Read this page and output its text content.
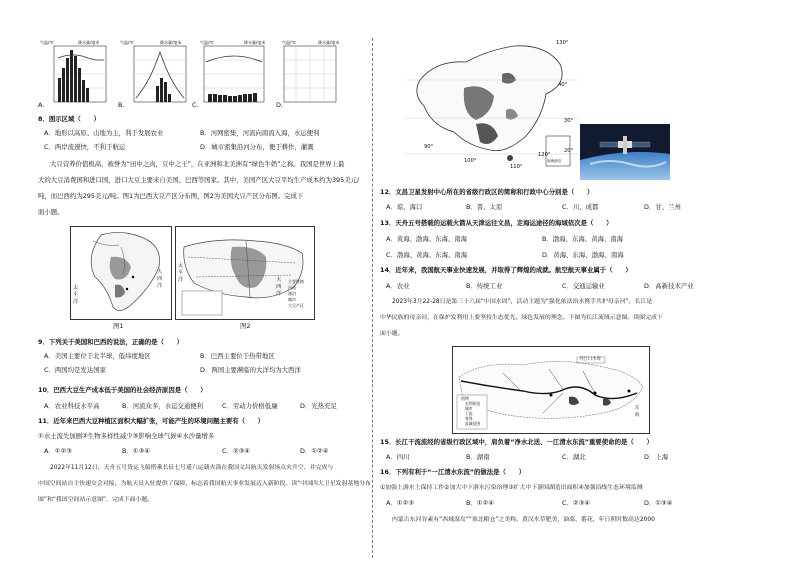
气温/℃	降水量/毫米	气温/℃	降水量/毫米	气温/℃	降水量/毫米	气温/℃	降水量/毫米
A.	B.	C.	D.
8．图示区域（　　）
A．地形以高原、山地为主，利于发展农业	B．河网密集，河流向南流入海，水运便利
C．两岸流速快，不利于航运	D．城市密集沿河分布，便于耕作，灌溉
大豆营养价值极高，被誉为“田中之肉，豆中之王”，在亚洲和北美洲有“绿色牛奶”之称。我国是世界上最
大的大豆消费国和进口国，进口大豆主要来自美国、巴西等国家。其中，美国产区大豆平均生产成本约为395美元/
吨，而巴西约为295美元/吨。图1为巴西大豆产区分布图，图2为美国大豆产区分布图。完成下
面小题。
太平洋
大西洋
图1
太平洋	大西洋
主要铁路
河流
湖泊
城市
大豆产区
图2
9．下列关于美国和巴西的说法，正确的是（　　）
A．美国主要位于北半球，低纬度地区	B．巴西主要位于热带地区
C．两国均是发达国家	D．两国主要濒临的大洋均为大西洋
10．巴西大豆生产成本低于美国的社会经济原因是（　　）
A．农业科技水平高	B．河流众多，水运交通便利	C．劳动力价格低廉	D．光热充足
11．近年来巴西大豆种植区面积大幅扩张，可能产生的环境问题主要有（　　）
①水土流失加剧②生物多样性减少③影响全球气候④水沙量增多
A．①②③	B．①③④	C．②③④	D．①②④
2022年11月12日，天舟五号货运飞船搭乘长征七号遥六运载火箭在我国文昌航天发射场点火升空，并完成与
中国空间站自主快速交会对接，为航天员入驻提供了保障，标志着我国航天事业发展迈入新阶段。读“中国四大卫星发射基地分布
图”和“我国空间站示意图”，完成下面小题。
40°
30°
20°
90°
100°
110°
120°
130°
南海诸岛
12．文昌卫星发射中心所在的省级行政区的简称和行政中心分别是（　　）
A．琼、海口	B．晋、太原	C．川、成都	D．甘、兰州
13．天舟五号搭载的运载火箭从天津运往文昌，走海运途径的海域依次是（　　）
A．黄海、渤海、东海、南海	B．渤海、东海、黄海、南海
C．渤海、黄海、东海、南海	D．黄海、东海、渤海、南海
14．近年来，我国航天事业快速发展，并取得了辉煌的成就。航空航天事业属于（　　）
A．农业	B．传统工业	C．交通运输业	D．高新技术产业
2023年3月22-28日是第三十六届“中国水周”，活动主题为“强化依法治水携手共护母亲河”。长江是
中华民族的母亲河，在保护发利用上要坚持生态优先、绿色发展的理念。下图为长江流域示意图。读图完成下
面小题。
丹江口水库
东海
图例
水利枢纽
城市
干流
省界
流域范围
15．长江干流流经的省级行政区域中，肩负着“净水北送、一江清水东流”重要使命的是（　　）
A．四川	B．湖南	C．湖北	D．上海
16．下列有利于“一江清水东流”的做法是（　　）
①加强上游水土保持工作②加大中下游水污染治理③扩大中下游围湖造田面积④加强沿线生态环境监测
A．①②③	B．①②④	C．②③④	D．①③④
内蒙古东河谷素有“西域湿岛”“塞北粮仓”之美称。黄汉水草肥美，油菜、番花，年日照时数高达2000
